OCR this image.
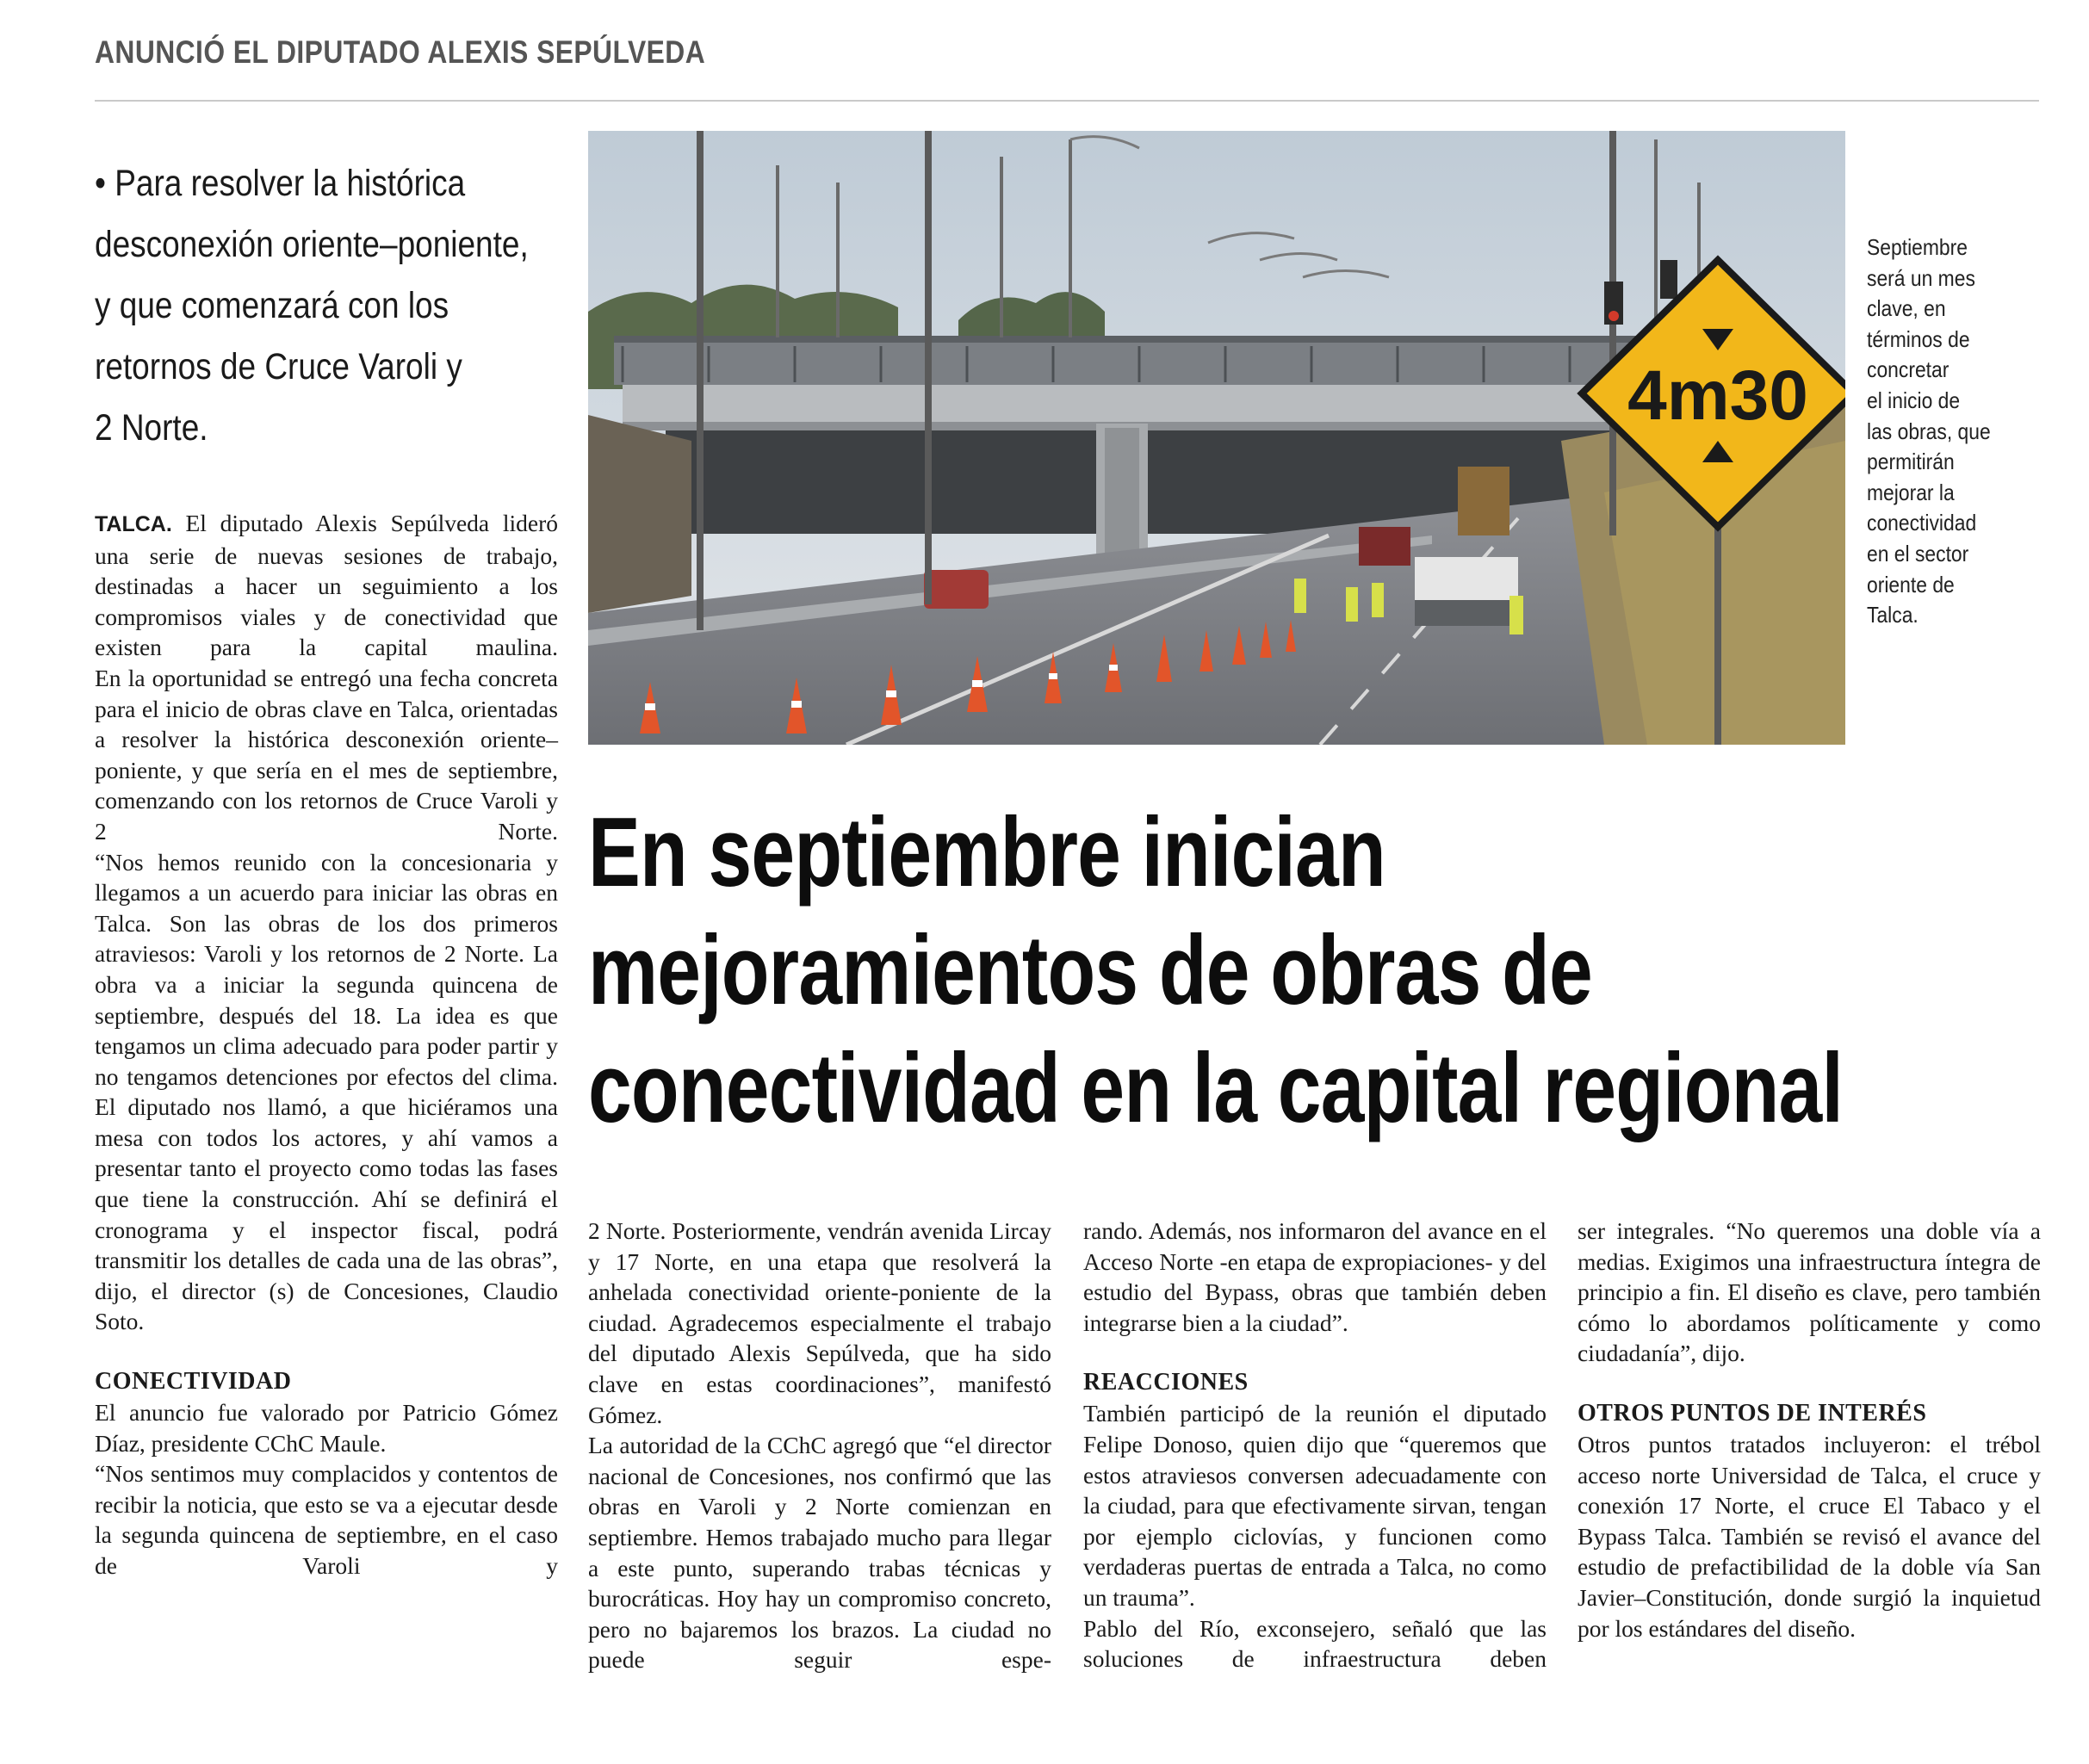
ANUNCIÓ EL DIPUTADO ALEXIS SEPÚLVEDA
• Para resolver la histórica
desconexión oriente–poniente,
y que comenzará con los
retornos de Cruce Varoli y
2 Norte.

TALCA. El diputado Alexis Sepúlveda lideró una serie de nuevas sesiones de trabajo, destinadas a hacer un seguimiento a los compromisos viales y de conectividad que existen para la capital maulina.

En la oportunidad se entregó una fecha concreta para el inicio de obras clave en Talca, orientadas a resolver la histórica desconexión oriente–poniente, y que sería en el mes de septiembre, comenzando con los retornos de Cruce Varoli y 2 Norte.

“Nos hemos reunido con la concesionaria y llegamos a un acuerdo para iniciar las obras en Talca. Son las obras de los dos primeros atraviesos: Varoli y los retornos de 2 Norte. La obra va a iniciar la segunda quincena de septiembre, después del 18. La idea es que tengamos un clima adecuado para poder partir y no tengamos detenciones por efectos del clima. El diputado nos llamó, a que hiciéramos una mesa con todos los actores, y ahí vamos a presentar tanto el proyecto como todas las fases que tiene la construcción. Ahí se definirá el cronograma y el inspector fiscal, podrá transmitir los detalles de cada una de las obras”, dijo, el director (s) de Concesiones, Claudio Soto.

CONECTIVIDAD

El anuncio fue valorado por Patricio Gómez Díaz, presidente CChC Maule.

“Nos sentimos muy complacidos y contentos de recibir la noticia, que esto se va a ejecutar desde la segunda quincena de septiembre, en el caso de Varoli y

4m30
Septiembre
será un mes
clave, en
términos de
concretar
el inicio de
las obras, que
permitirán
mejorar la
conectividad
en el sector
oriente de
Talca.
En septiembre inician
mejoramientos de obras de
conectividad en la capital regional

2 Norte. Posteriormente, vendrán avenida Lircay y 17 Norte, en una etapa que resolverá la anhelada conectividad oriente-poniente de la ciudad. Agradecemos especialmente el trabajo del diputado Alexis Sepúlveda, que ha sido clave en estas coordinaciones”, manifestó Gómez.

La autoridad de la CChC agregó que “el director nacional de Concesiones, nos confirmó que las obras en Varoli y 2 Norte comienzan en septiembre. Hemos trabajado mucho para llegar a este punto, superando trabas técnicas y burocráticas. Hoy hay un compromiso concreto, pero no bajaremos los brazos. La ciudad no puede seguir espe-

rando. Además, nos informaron del avance en el Acceso Norte -en etapa de expropiaciones- y del estudio del Bypass, obras que también deben integrarse bien a la ciudad”.

REACCIONES

También participó de la reunión el diputado Felipe Donoso, quien dijo que “queremos que estos atraviesos conversen adecuadamente con la ciudad, para que efectivamente sirvan, tengan por ejemplo ciclovías, y funcionen como verdaderas puertas de entrada a Talca, no como un trauma”.

Pablo del Río, exconsejero, señaló que las soluciones de infraestructura deben

ser integrales. “No queremos una doble vía a medias. Exigimos una infraestructura íntegra de principio a fin. El diseño es clave, pero también cómo lo abordamos políticamente y como ciudadanía”, dijo.

OTROS PUNTOS DE INTERÉS

Otros puntos tratados incluyeron: el trébol acceso norte Universidad de Talca, el cruce y conexión 17 Norte, el cruce El Tabaco y el Bypass Talca. También se revisó el avance del estudio de prefactibilidad de la doble vía San Javier–Constitución, donde surgió la inquietud por los estándares del diseño.
